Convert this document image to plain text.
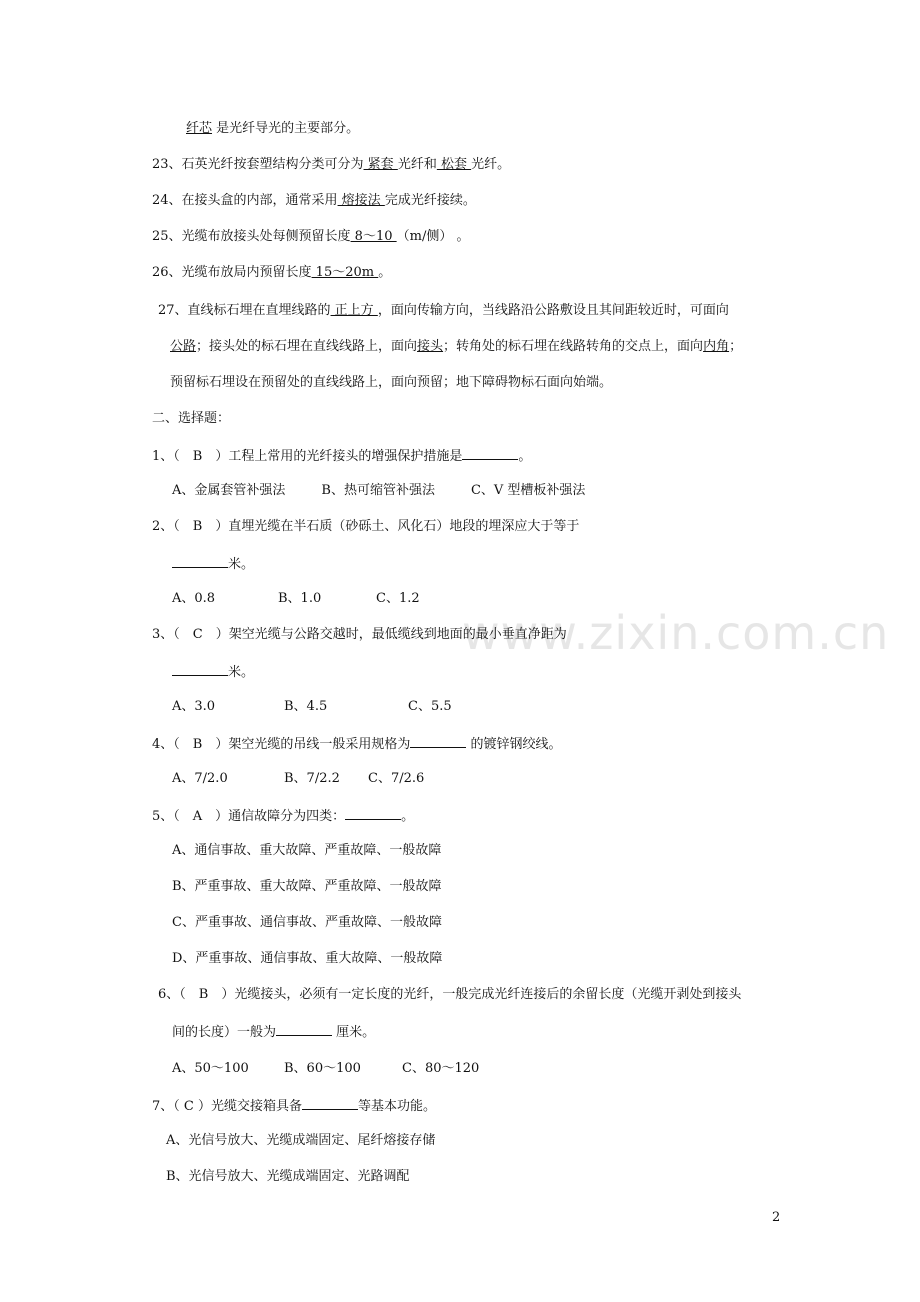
www.zixin.com.cn
纤芯 是光纤导光的主要部分。
23、石英光纤按套塑结构分类可分为 紧套 光纤和 松套 光纤。
24、在接头盒的内部，通常采用 熔接法 完成光纤接续。
25、光缆布放接头处每侧预留长度 8～10 （m/侧） 。
26、光缆布放局内预留长度 15～20m 。
27、直线标石埋在直埋线路的 正上方 ，面向传输方向，当线路沿公路敷设且其间距较近时，可面向
公路；接头处的标石埋在直线线路上，面向接头；转角处的标石埋在线路转角的交点上，面向内角；
预留标石埋设在预留处的直线线路上，面向预留；地下障碍物标石面向始端。
二、选择题：
1、（　B　）工程上常用的光纤接头的增强保护措施是	。
A、金属套管补强法	B、热可缩管补强法	C、V 型槽板补强法
2、（　B　）直埋光缆在半石质（砂砾土、风化石）地段的埋深应大于等于
米。
A、0.8	B、1.0	C、1.2
3、（　C　）架空光缆与公路交越时，最低缆线到地面的最小垂直净距为
米。
A、3.0	B、4.5	C、5.5
4、（　B　）架空光缆的吊线一般采用规格为	的镀锌钢绞线。
A、7/2.0	B、7/2.2 C、7/2.6
5、（　A　）通信故障分为四类：	。
A、通信事故、重大故障、严重故障、一般故障
B、严重事故、重大故障、严重故障、一般故障
C、严重事故、通信事故、严重故障、一般故障
D、严重事故、通信事故、重大故障、一般故障
6、（　B　）光缆接头，必须有一定长度的光纤，一般完成光纤连接后的余留长度（光缆开剥处到接头
间的长度）一般为	厘米。
A、50～100	B、60～100	C、80～120
7、（ C ）光缆交接箱具备	等基本功能。
A、光信号放大、光缆成端固定、尾纤熔接存储
B、光信号放大、光缆成端固定、光路调配
2
